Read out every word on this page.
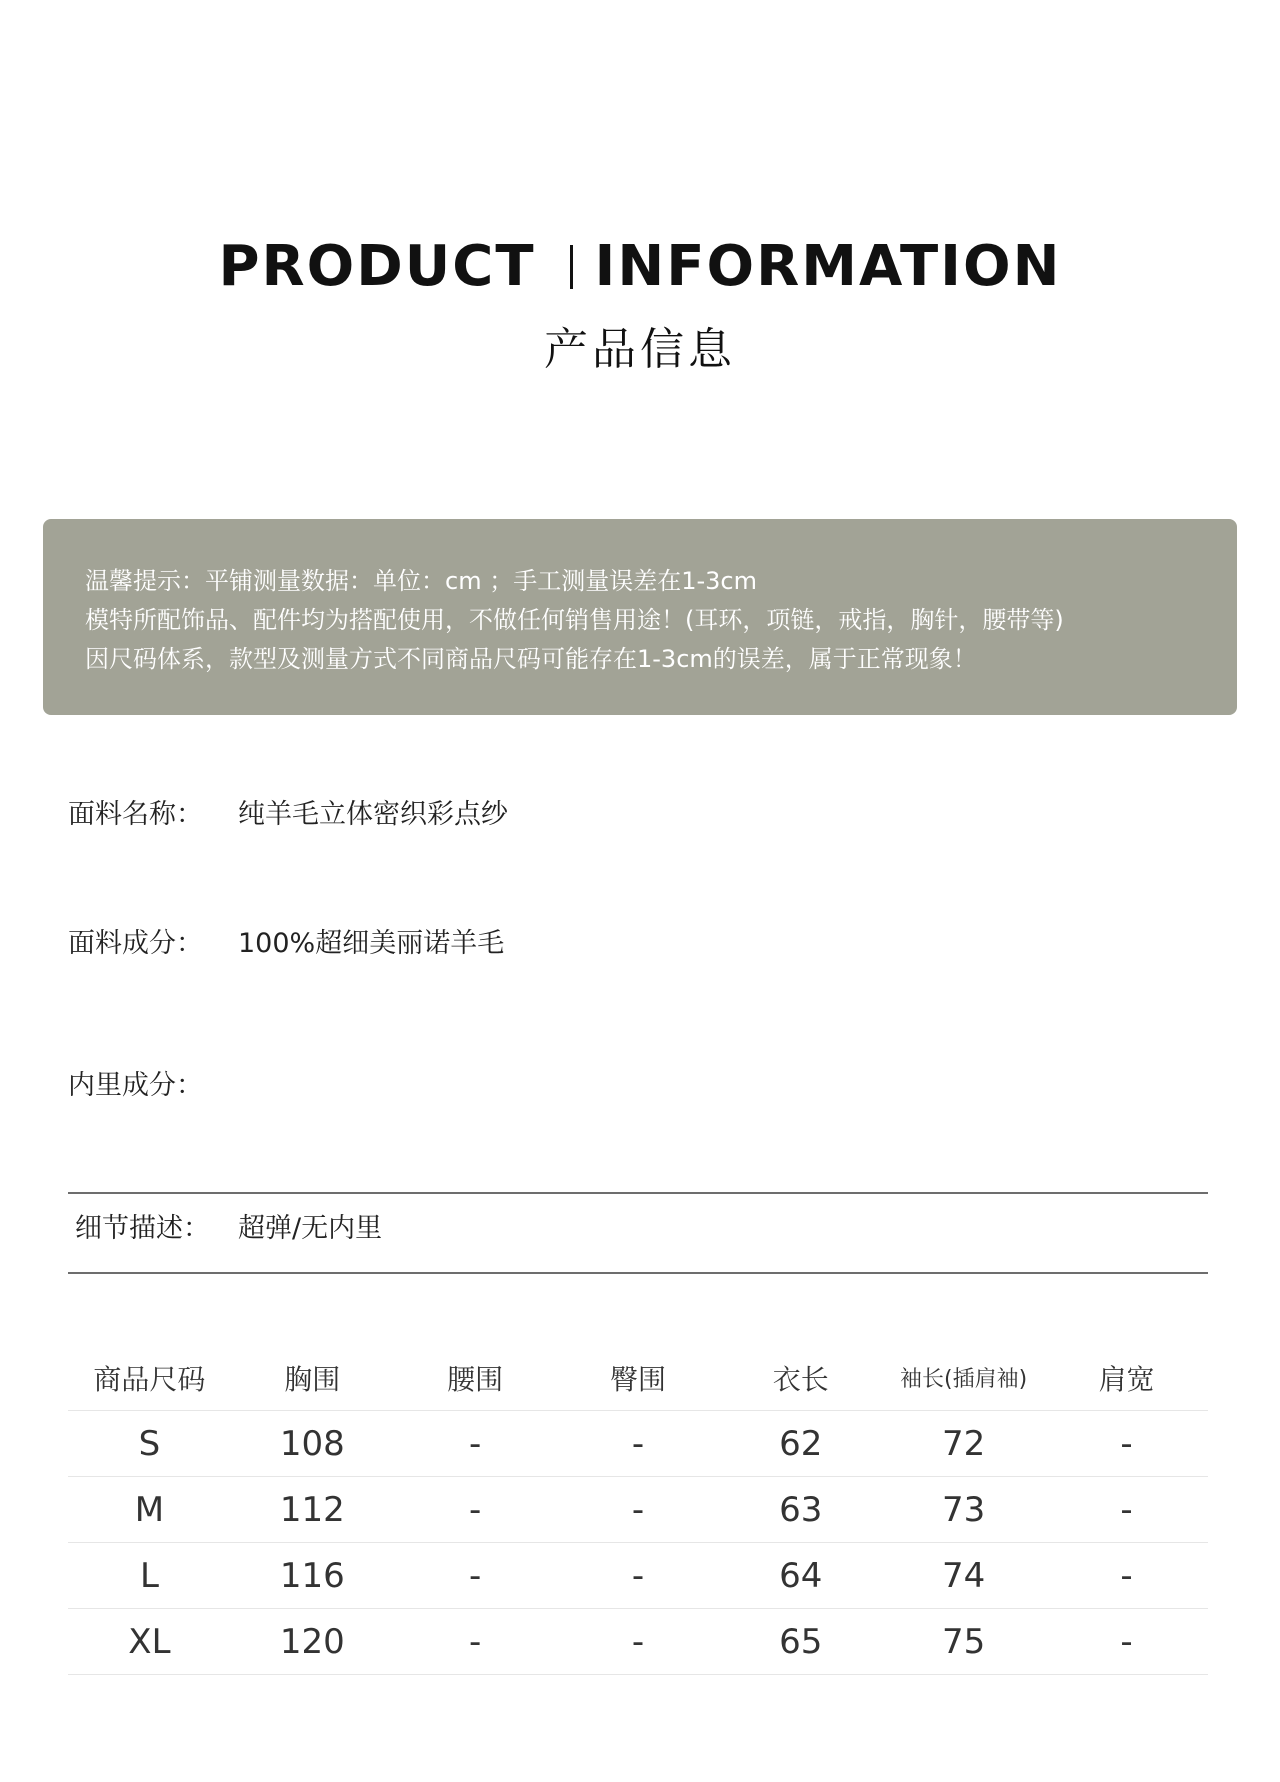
PRODUCT INFORMATION
产品信息
温馨提示：平铺测量数据：单位：cm ；手工测量误差在1-3cm
模特所配饰品、配件均为搭配使用，不做任何销售用途！(耳环，项链，戒指，胸针，腰带等)
因尺码体系，款型及测量方式不同商品尺码可能存在1-3cm的误差，属于正常现象！
面料名称： 纯羊毛立体密织彩点纱
面料成分： 100%超细美丽诺羊毛
内里成分：
细节描述： 超弹/无内里
商品尺码	胸围	腰围	臀围	衣长	袖长(插肩袖)	肩宽
S	108	-	-	62	72	-
M	112	-	-	63	73	-
L	116	-	-	64	74	-
XL	120	-	-	65	75	-
